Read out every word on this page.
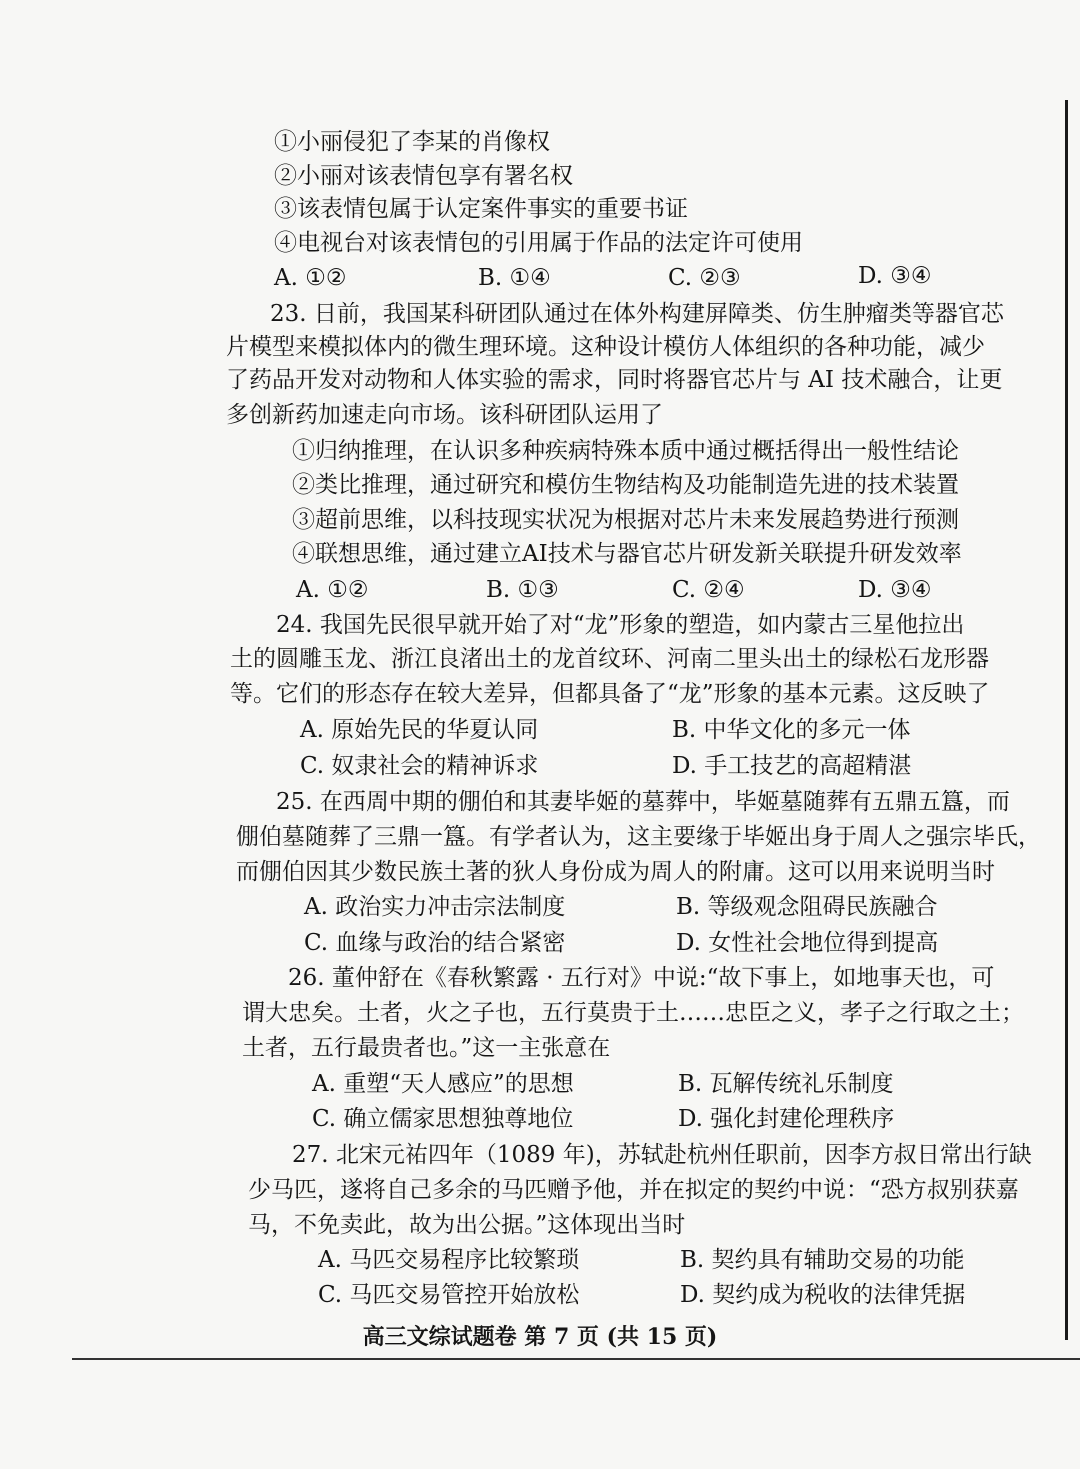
①小丽侵犯了李某的肖像权
②小丽对该表情包享有署名权
③该表情包属于认定案件事实的重要书证
④电视台对该表情包的引用属于作品的法定许可使用
A. ①②	B. ①④	C. ②③	D. ③④
23. 日前，我国某科研团队通过在体外构建屏障类、仿生肿瘤类等器官芯
片模型来模拟体内的微生理环境。这种设计模仿人体组织的各种功能，减少
了药品开发对动物和人体实验的需求，同时将器官芯片与 AI 技术融合，让更
多创新药加速走向市场。该科研团队运用了
①归纳推理，在认识多种疾病特殊本质中通过概括得出一般性结论
②类比推理，通过研究和模仿生物结构及功能制造先进的技术装置
③超前思维，以科技现实状况为根据对芯片未来发展趋势进行预测
④联想思维，通过建立AI技术与器官芯片研发新关联提升研发效率
A. ①②	B. ①③	C. ②④	D. ③④
24. 我国先民很早就开始了对“龙”形象的塑造，如内蒙古三星他拉出
土的圆雕玉龙、浙江良渚出土的龙首纹环、河南二里头出土的绿松石龙形器
等。它们的形态存在较大差异，但都具备了“龙”形象的基本元素。这反映了
A. 原始先民的华夏认同	B. 中华文化的多元一体
C. 奴隶社会的精神诉求	D. 手工技艺的高超精湛
25. 在西周中期的倗伯和其妻毕姬的墓葬中，毕姬墓随葬有五鼎五簋，而
倗伯墓随葬了三鼎一簋。有学者认为，这主要缘于毕姬出身于周人之强宗毕氏，
而倗伯因其少数民族土著的狄人身份成为周人的附庸。这可以用来说明当时
A. 政治实力冲击宗法制度	B. 等级观念阻碍民族融合
C. 血缘与政治的结合紧密	D. 女性社会地位得到提高
26. 董仲舒在《春秋繁露 · 五行对》中说:“故下事上，如地事天也，可
谓大忠矣。土者，火之子也，五行莫贵于土……忠臣之义，孝子之行取之土；
土者，五行最贵者也。”这一主张意在
A. 重塑“天人感应”的思想	B. 瓦解传统礼乐制度
C. 确立儒家思想独尊地位	D. 强化封建伦理秩序
27. 北宋元祐四年（1089 年)，苏轼赴杭州任职前，因李方叔日常出行缺
少马匹，遂将自己多余的马匹赠予他，并在拟定的契约中说：“恐方叔别获嘉
马，不免卖此，故为出公据。”这体现出当时
A. 马匹交易程序比较繁琐	B. 契约具有辅助交易的功能
C. 马匹交易管控开始放松	D. 契约成为税收的法律凭据
高三文综试题卷 第 7 页 (共 15 页)
